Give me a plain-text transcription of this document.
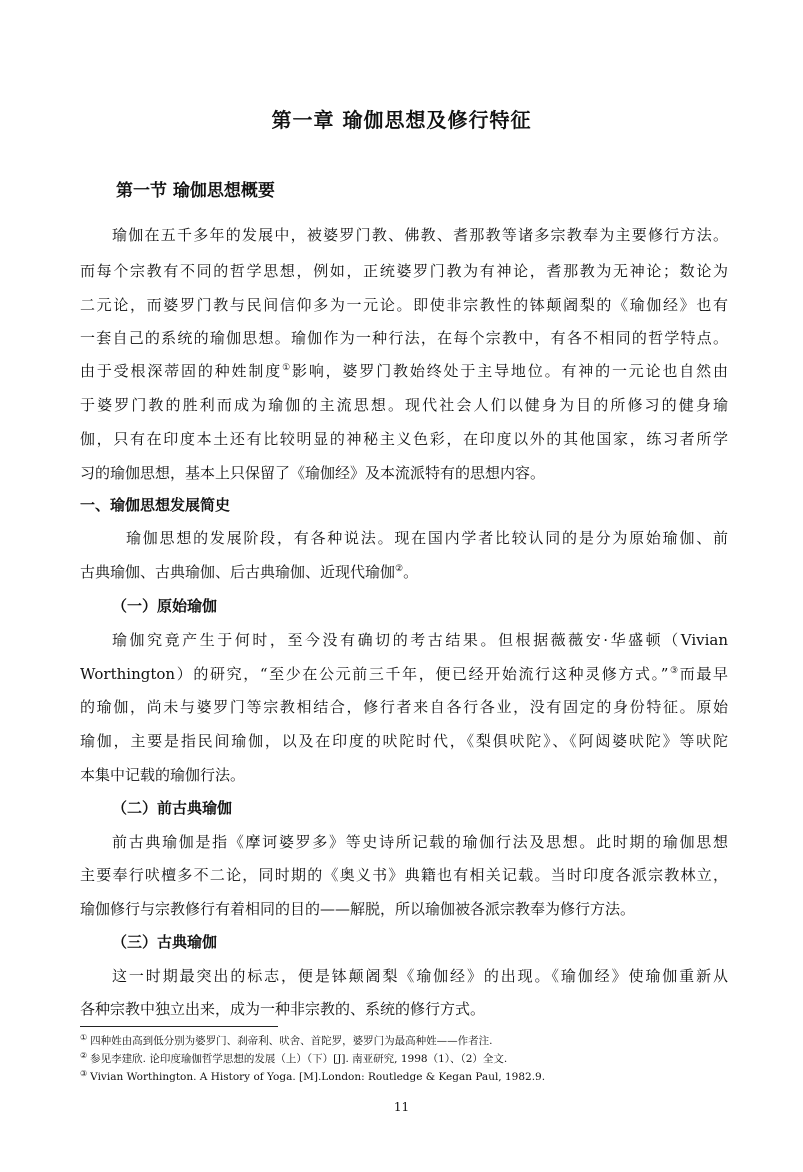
第一章 瑜伽思想及修行特征
第一节 瑜伽思想概要
瑜伽在五千多年的发展中，被婆罗门教、佛教、耆那教等诸多宗教奉为主要修行方法。
而每个宗教有不同的哲学思想，例如，正统婆罗门教为有神论，耆那教为无神论；数论为
二元论，而婆罗门教与民间信仰多为一元论。即使非宗教性的钵颠阇梨的《瑜伽经》也有
一套自己的系统的瑜伽思想。瑜伽作为一种行法，在每个宗教中，有各不相同的哲学特点。
由于受根深蒂固的种姓制度①影响，婆罗门教始终处于主导地位。有神的一元论也自然由
于婆罗门教的胜利而成为瑜伽的主流思想。现代社会人们以健身为目的所修习的健身瑜
伽，只有在印度本土还有比较明显的神秘主义色彩，在印度以外的其他国家，练习者所学
习的瑜伽思想，基本上只保留了《瑜伽经》及本流派特有的思想内容。
一、瑜伽思想发展简史
瑜伽思想的发展阶段，有各种说法。现在国内学者比较认同的是分为原始瑜伽、前
古典瑜伽、古典瑜伽、后古典瑜伽、近现代瑜伽②。
（一）原始瑜伽
瑜伽究竟产生于何时，至今没有确切的考古结果。但根据薇薇安·华盛顿（Vivian
Worthington）的研究，“至少在公元前三千年，便已经开始流行这种灵修方式。”③而最早
的瑜伽，尚未与婆罗门等宗教相结合，修行者来自各行各业，没有固定的身份特征。原始
瑜伽，主要是指民间瑜伽，以及在印度的吠陀时代，《梨俱吠陀》、《阿闼婆吠陀》等吠陀
本集中记载的瑜伽行法。
（二）前古典瑜伽
前古典瑜伽是指《摩诃婆罗多》等史诗所记载的瑜伽行法及思想。此时期的瑜伽思想
主要奉行吠檀多不二论，同时期的《奥义书》典籍也有相关记载。当时印度各派宗教林立，
瑜伽修行与宗教修行有着相同的目的——解脱，所以瑜伽被各派宗教奉为修行方法。
（三）古典瑜伽
这一时期最突出的标志，便是钵颠阇梨《瑜伽经》的出现。《瑜伽经》使瑜伽重新从
各种宗教中独立出来，成为一种非宗教的、系统的修行方式。
① 四种姓由高到低分别为婆罗门、刹帝利、吠舍、首陀罗，婆罗门为最高种姓——作者注.
② 参见李建欣. 论印度瑜伽哲学思想的发展（上）（下）[J]. 南亚研究, 1998（1）、（2）全文.
③ Vivian Worthington. A History of Yoga. [M].London: Routledge & Kegan Paul, 1982.9.
11
